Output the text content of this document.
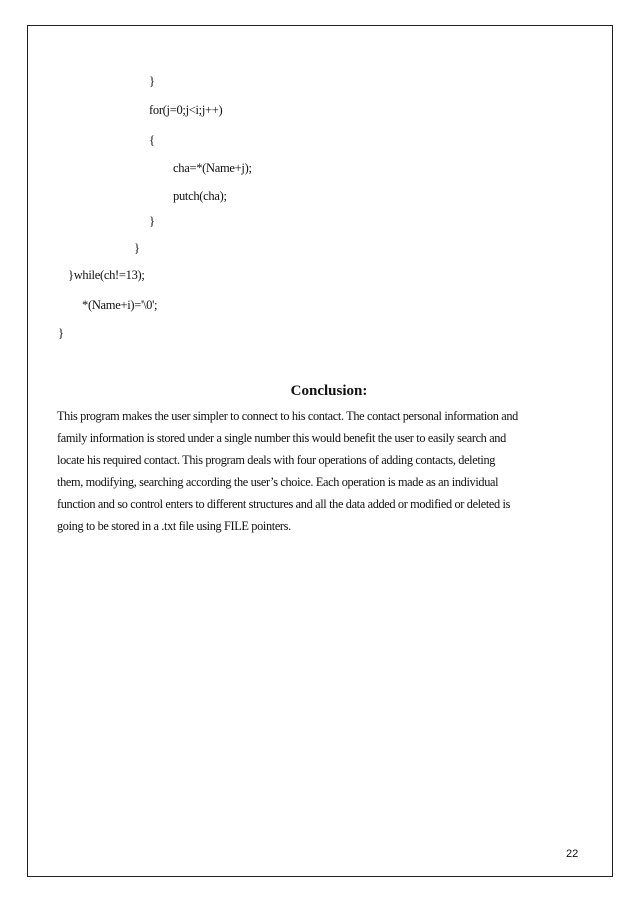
}
for(j=0;j<i;j++)
{
cha=*(Name+j);
putch(cha);
}
}
}while(ch!=13);
*(Name+i)='\0';
}
Conclusion:
This program makes the user simpler to connect to his contact. The contact personal information and
family information is stored under a single number this would benefit the user to easily search and
locate his required contact. This program deals with four operations of adding contacts, deleting
them, modifying, searching according the user’s choice. Each operation is made as an individual
function and so control enters to different structures and all the data added or modified or deleted is
going to be stored in a .txt file using FILE pointers.
22
